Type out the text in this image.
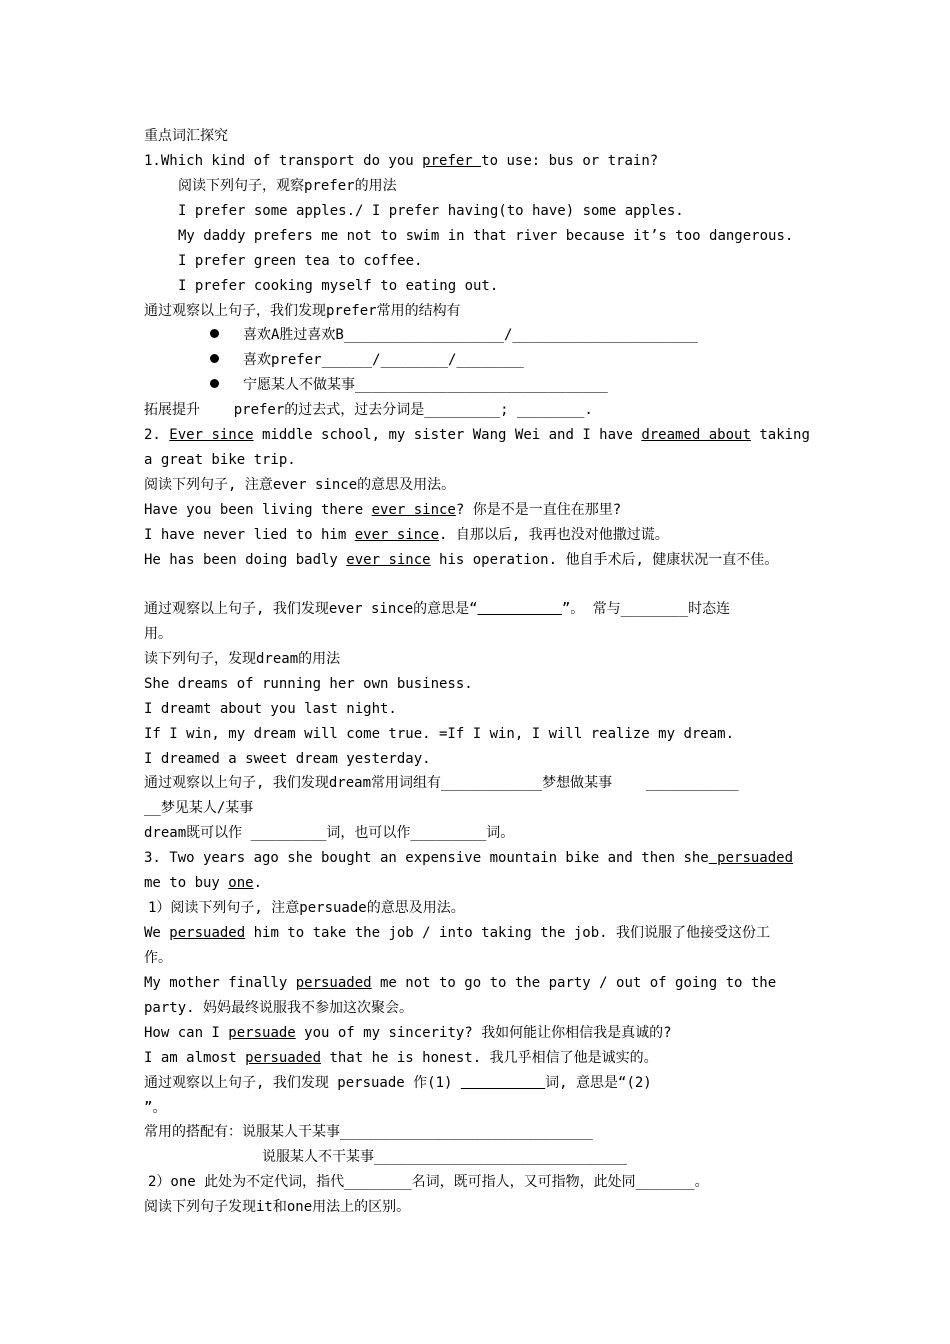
重点词汇探究
1.Which kind of transport do you prefer to use: bus or train?
阅读下列句子，观察prefer的用法
I prefer some apples./ I prefer having(to have) some apples.
My daddy prefers me not to swim in that river because it’s too dangerous.
I prefer green tea to coffee.
I prefer cooking myself to eating out.
通过观察以上句子，我们发现prefer常用的结构有
喜欢A胜过喜欢B___________________/______________________
喜欢prefer______/________/________
宁愿某人不做某事______________________________
拓展提升    prefer的过去式，过去分词是_________; ________.
2. Ever since middle school, my sister Wang Wei and I have dreamed about taking
a great bike trip.
阅读下列句子, 注意ever since的意思及用法。
Have you been living there ever since? 你是不是一直住在那里?
I have never lied to him ever since. 自那以后, 我再也没对他撒过谎。
He has been doing badly ever since his operation. 他自手术后, 健康状况一直不佳。
通过观察以上句子, 我们发现ever since的意思是“	”。 常与________时态连
用。
读下列句子，发现dream的用法
She dreams of running her own business.
I dreamt about you last night.
If I win, my dream will come true. =If I win, I will realize my dream.
I dreamed a sweet dream yesterday.
通过观察以上句子, 我们发现dream常用词组有____________梦想做某事    ___________
__梦见某人/某事
dream既可以作 _________词，也可以作_________词。
3. Two years ago she bought an expensive mountain bike and then she persuaded
me to buy one.
1）阅读下列句子, 注意persuade的意思及用法。
We persuaded him to take the job / into taking the job. 我们说服了他接受这份工
作。
My mother finally persuaded me not to go to the party / out of going to the
party. 妈妈最终说服我不参加这次聚会。
How can I persuade you of my sincerity? 我如何能让你相信我是真诚的?
I am almost persuaded that he is honest. 我几乎相信了他是诚实的。
通过观察以上句子, 我们发现 persuade 作(1)	词, 意思是“(2)
”。
常用的搭配有：说服某人干某事______________________________
说服某人不干某事______________________________
2）one 此处为不定代词，指代________名词，既可指人，又可指物，此处同_______。
阅读下列句子发现it和one用法上的区别。
